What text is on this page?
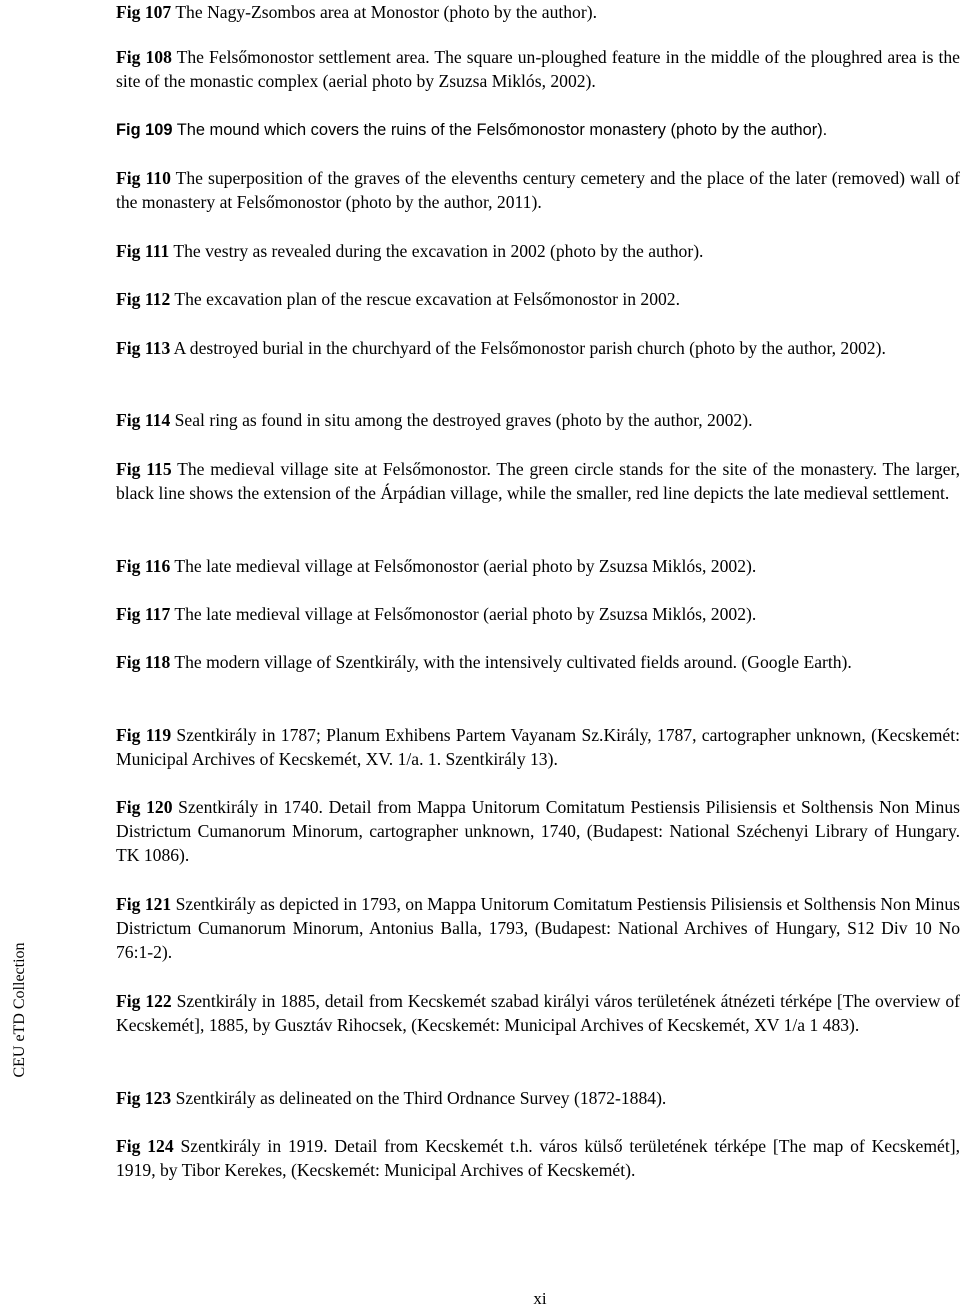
Fig 107 The Nagy-Zsombos area at Monostor (photo by the author).

Fig 108 The Felsőmonostor settlement area. The square un-ploughed feature in the middle of the ploughred area is the site of the monastic complex (aerial photo by Zsuzsa Miklós, 2002).

Fig 109 The mound which covers the ruins of the Felsőmonostor monastery (photo by the author).

Fig 110 The superposition of the graves of the elevenths century cemetery and the place of the later (removed) wall of the monastery at Felsőmonostor (photo by the author, 2011).

Fig 111 The vestry as revealed during the excavation in 2002 (photo by the author).

Fig 112 The excavation plan of the rescue excavation at Felsőmonostor in 2002.

Fig 113 A destroyed burial in the churchyard of the Felsőmonostor parish church (photo by the author, 2002).

Fig 114 Seal ring as found in situ among the destroyed graves (photo by the author, 2002).

Fig 115 The medieval village site at Felsőmonostor. The green circle stands for the site of the monastery. The larger, black line shows the extension of the Árpádian village, while the smaller, red line depicts the late medieval settlement.

Fig 116 The late medieval village at Felsőmonostor (aerial photo by Zsuzsa Miklós, 2002).

Fig 117 The late medieval village at Felsőmonostor (aerial photo by Zsuzsa Miklós, 2002).

Fig 118 The modern village of Szentkirály, with the intensively cultivated fields around. (Google Earth).

Fig 119 Szentkirály in 1787; Planum Exhibens Partem Vayanam Sz.Király, 1787, cartographer unknown, (Kecskemét: Municipal Archives of Kecskemét, XV. 1/a. 1. Szentkirály 13).

Fig 120 Szentkirály in 1740. Detail from Mappa Unitorum Comitatum Pestiensis Pilisiensis et Solthensis Non Minus Districtum Cumanorum Minorum, cartographer unknown, 1740, (Budapest: National Széchenyi Library of Hungary. TK 1086).

Fig 121 Szentkirály as depicted in 1793, on Mappa Unitorum Comitatum Pestiensis Pilisiensis et Solthensis Non Minus Districtum Cumanorum Minorum, Antonius Balla, 1793, (Budapest: National Archives of Hungary, S12 Div 10 No 76:1-2).

Fig 122 Szentkirály in 1885, detail from Kecskemét szabad királyi város területének átnézeti térképe [The overview of Kecskemét], 1885, by Gusztáv Rihocsek, (Kecskemét: Municipal Archives of Kecskemét, XV 1/a 1 483).

Fig 123 Szentkirály as delineated on the Third Ordnance Survey (1872-1884).

Fig 124 Szentkirály in 1919. Detail from Kecskemét t.h. város külső területének térképe [The map of Kecskemét], 1919, by Tibor Kerekes, (Kecskemét: Municipal Archives of Kecskemét).

CEU eTD Collection
xi
